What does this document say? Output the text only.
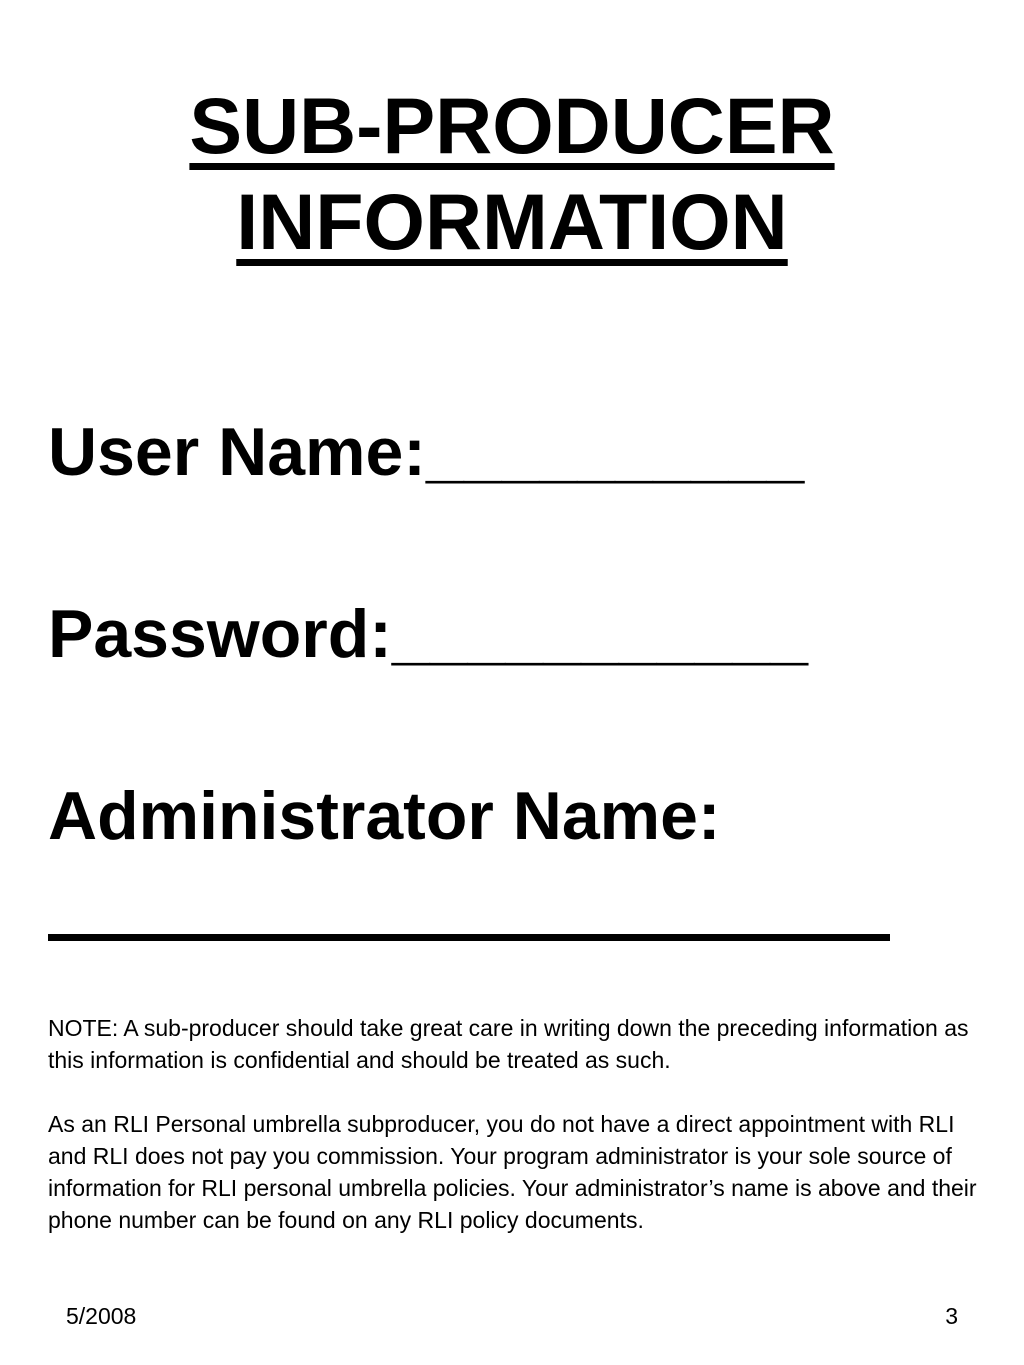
SUB-PRODUCER
INFORMATION

User Name:__________

Password:___________

Administrator Name:

NOTE: A sub-producer should take great care in writing down the preceding information as this information is confidential and should be treated as such.

As an RLI Personal umbrella subproducer, you do not have a direct appointment with RLI and RLI does not pay you commission. Your program administrator is your sole source of information for RLI personal umbrella policies. Your administrator’s name is above and their phone number can be found on any RLI policy documents.

5/2008	3
